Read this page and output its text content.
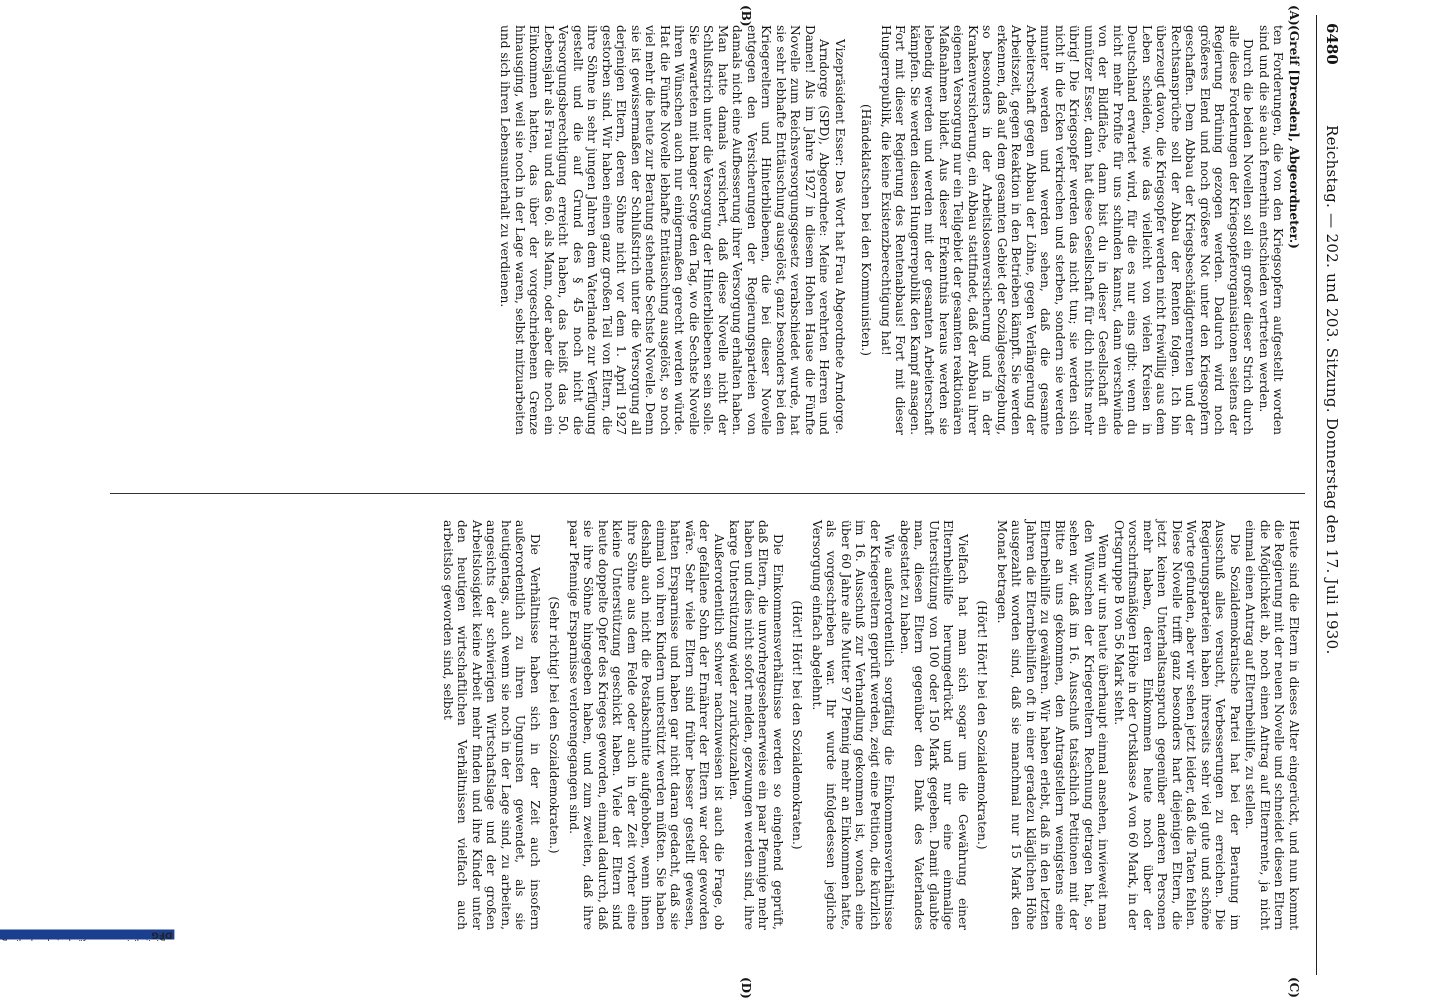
6480
Reichstag. — 202. und 203. Sitzung. Donnerstag den 17. Juli 1930.
(A)
(B)
(C)
(D)

(Greif [Dresden], Abgeordneter.)

ten Forderungen, die von den Kriegsopfern aufgestellt worden sind und die sie auch fernerhin entschieden vertreten werden.

Durch die beiden Novellen soll ein großer dieser Strich durch alle diese Forderungen der Kriegsopferorganisationen seitens der Regierung Brüning gezogen werden. Dadurch wird noch größeres Elend und noch größere Not unter den Kriegsopfern geschaffen. Dem Abbau der Kriegsbeschädigtenrenten und der Rechtsansprüche soll der Abbau der Renten folgen. Ich bin überzeugt davon, die Kriegsopfer werden nicht freiwillig aus dem Leben scheiden, wie das vielleicht von vielen Kreisen in Deutschland erwartet wird, für die es nur eins gibt: wenn du nicht mehr Profite für uns schinden kannst, dann verschwinde von der Bildfläche, dann bist du in dieser Gesellschaft ein unnützer Esser, dann hat diese Gesellschaft für dich nichts mehr übrig! Die Kriegsopfer werden das nicht tun; sie werden sich nicht in die Ecken verkriechen und sterben, sondern sie werden munter werden und werden sehen, daß die gesamte Arbeiterschaft gegen Abbau der Löhne, gegen Verlängerung der Arbeitszeit, gegen Reaktion in den Betrieben kämpft. Sie werden erkennen, daß auf dem gesamten Gebiet der Sozialgesetzgebung, so besonders in der Arbeitslosenversicherung und in der Krankenversicherung, ein Abbau stattfindet, daß der Abbau ihrer eigenen Versorgung nur ein Teilgebiet der gesamten reaktionären Maßnahmen bildet. Aus dieser Erkenntnis heraus werden sie lebendig werden und werden mit der gesamten Arbeiterschaft kämpfen. Sie werden diesen Hungerrepublik den Kampf ansagen. Fort mit dieser Regierung des Rentenabbaus! Fort mit dieser Hungerrepublik, die keine Existenzberechtigung hat!

(Händeklatschen bei den Kommunisten.)

Vizepräsident Esser: Das Wort hat Frau Abgeordnete Arndorge.

Arndorge (SPD), Abgeordnete: Meine verehrten Herren und Damen! Als im Jahre 1927 in diesem Hohen Hause die Fünfte Novelle zum Reichsversorgungsgesetz verabschiedet wurde, hat sie sehr lebhafte Enttäuschung ausgelöst, ganz besonders bei den Kriegereltern und Hinterbliebenen, die bei dieser Novelle entgegen den Versicherungen der Regierungsparteien von damals nicht eine Aufbesserung ihrer Versorgung erhalten haben. Man hatte damals versichert, daß diese Novelle nicht der Schlußstrich unter die Versorgung der Hinterbliebenen sein solle. Sie erwarteten mit banger Sorge den Tag, wo die Sechste Novelle ihren Wünschen auch nur einigermaßen gerecht werden würde. Hat die Fünfte Novelle lebhafte Enttäuschung ausgelöst, so noch viel mehr die heute zur Beratung stehende Sechste Novelle. Denn sie ist gewissermaßen der Schlußstrich unter die Versorgung all derjenigen Eltern, deren Söhne nicht vor dem 1. April 1927 gestorben sind. Wir haben einen ganz großen Teil von Eltern, die ihre Söhne in sehr jungen Jahren dem Vaterlande zur Verfügung gestellt und die auf Grund des § 45 noch nicht die Versorgungsberechtigung erreicht haben, das heißt das 50. Lebensjahr als Frau und das 60. als Mann, oder aber die noch ein Einkommen hatten, das über der vorgeschriebenen Grenze hinausging, weil sie noch in der Lage waren, selbst mitzuarbeiten und sich ihren Lebensunterhalt zu verdienen.

Heute sind die Eltern in dieses Alter eingerückt, und nun kommt die Regierung mit der neuen Novelle und schneidet diesen Eltern die Möglichkeit ab, noch einen Antrag auf Elternrente, ja nicht einmal einen Antrag auf Elternbeihilfe, zu stellen.

Die Sozialdemokratische Partei hat bei der Beratung im Ausschuß alles versucht, Verbesserungen zu erreichen. Die Regierungsparteien haben ihrerseits sehr viel gute und schöne Worte gefunden, aber wir sehen jetzt leider, daß die Taten fehlen. Diese Novelle trifft ganz besonders hart diejenigen Eltern, die jetzt keinen Unterhaltsanspruch gegenüber anderen Personen mehr haben, deren Einkommen heute noch über der vorschriftsmäßigen Höhe in der Ortsklasse A von 60 Mark, in der Ortsgruppe B von 56 Mark steht.

Wenn wir uns heute überhaupt einmal ansehen, inwieweit man den Wünschen der Kriegereltern Rechnung getragen hat, so sehen wir, daß im 16. Ausschuß tatsächlich Petitionen mit der Bitte an uns gekommen, den Antragstellern wenigstens eine Elternbeihilfe zu gewähren. Wir haben erlebt, daß in den letzten Jahren die Elternbeihilfen oft in einer geradezu kläglichen Höhe ausgezahlt worden sind, daß sie manchmal nur 15 Mark den Monat betragen.

(Hört! Hört! bei den Sozialdemokraten.)

Vielfach hat man sich sogar um die Gewährung einer Elternbeihilfe herumgedrückt und nur eine einmalige Unterstützung von 100 oder 150 Mark gegeben. Damit glaubte man, diesen Eltern gegenüber den Dank des Vaterlandes abgestattet zu haben.

Wie außerordentlich sorgfältig die Einkommensverhältnisse der Kriegereltern geprüft werden, zeigt eine Petition, die kürzlich im 16. Ausschuß zur Verhandlung gekommen ist, wonach eine über 60 Jahre alte Mutter 97 Pfennig mehr an Einkommen hatte, als vorgeschrieben war. Ihr wurde infolgedessen jegliche Versorgung einfach abgelehnt.

(Hört! Hört! bei den Sozialdemokraten.)

Die Einkommensverhältnisse werden so eingehend geprüft, daß Eltern, die unvorhergesehenerweise ein paar Pfennige mehr haben und dies nicht sofort melden, gezwungen werden sind, ihre karge Unterstützung wieder zurückzuzahlen.

Außerordentlich schwer nachzuweisen ist auch die Frage, ob der gefallene Sohn der Ernährer der Eltern war oder geworden wäre. Sehr viele Eltern sind früher besser gestellt gewesen, hatten Ersparnisse und haben gar nicht daran gedacht, daß sie einmal von ihren Kindern unterstützt werden müßten. Sie haben deshalb auch nicht die Postabschnitte aufgehoben, wenn ihnen ihre Söhne aus dem Felde oder auch in der Zeit vorher eine kleine Unterstützung geschickt haben. Viele der Eltern sind heute doppelte Opfer des Krieges geworden, einmal dadurch, daß sie ihre Söhne hingegeben haben, und zum zweiten, daß ihre paar Pfennige Ersparnisse verlorengegangen sind.

(Sehr richtig! bei den Sozialdemokraten.)

Die Verhältnisse haben sich in der Zeit auch insofern außerordentlich zu ihren Ungunsten gewendet, als sie heutigentags, auch wenn sie noch in der Lage sind, zu arbeiten, angesichts der schwierigen Wirtschaftslage und der großen Arbeitslosigkeit keine Arbeit mehr finden und ihre Kinder unter den heutigen wirtschaftlichen Verhältnissen vielfach auch arbeitslos geworden sind, selbst

DFG
